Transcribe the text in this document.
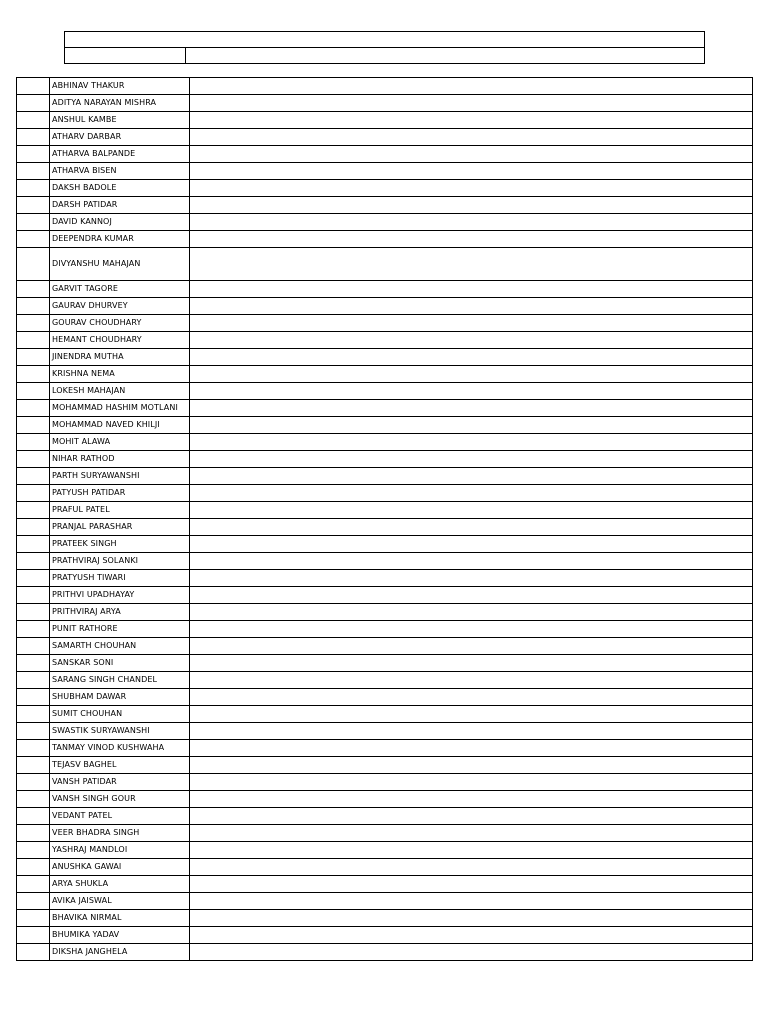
	ABHINAV THAKUR	
	ADITYA NARAYAN MISHRA	
	ANSHUL KAMBE	
	ATHARV DARBAR	
	ATHARVA BALPANDE	
	ATHARVA BISEN	
	DAKSH BADOLE	
	DARSH PATIDAR	
	DAVID KANNOJ	
	DEEPENDRA KUMAR	
	DIVYANSHU MAHAJAN	
	GARVIT TAGORE	
	GAURAV DHURVEY	
	GOURAV CHOUDHARY	
	HEMANT CHOUDHARY	
	JINENDRA MUTHA	
	KRISHNA NEMA	
	LOKESH MAHAJAN	
	MOHAMMAD HASHIM MOTLANI	
	MOHAMMAD NAVED KHILJI	
	MOHIT ALAWA	
	NIHAR RATHOD	
	PARTH SURYAWANSHI	
	PATYUSH PATIDAR	
	PRAFUL PATEL	
	PRANJAL PARASHAR	
	PRATEEK SINGH	
	PRATHVIRAJ SOLANKI	
	PRATYUSH TIWARI	
	PRITHVI UPADHAYAY	
	PRITHVIRAJ ARYA	
	PUNIT RATHORE	
	SAMARTH CHOUHAN	
	SANSKAR SONI	
	SARANG SINGH CHANDEL	
	SHUBHAM DAWAR	
	SUMIT CHOUHAN	
	SWASTIK SURYAWANSHI	
	TANMAY VINOD KUSHWAHA	
	TEJASV BAGHEL	
	VANSH PATIDAR	
	VANSH SINGH GOUR	
	VEDANT PATEL	
	VEER BHADRA SINGH	
	YASHRAJ MANDLOI	
	ANUSHKA GAWAI	
	ARYA SHUKLA	
	AVIKA JAISWAL	
	BHAVIKA NIRMAL	
	BHUMIKA YADAV	
	DIKSHA JANGHELA	
